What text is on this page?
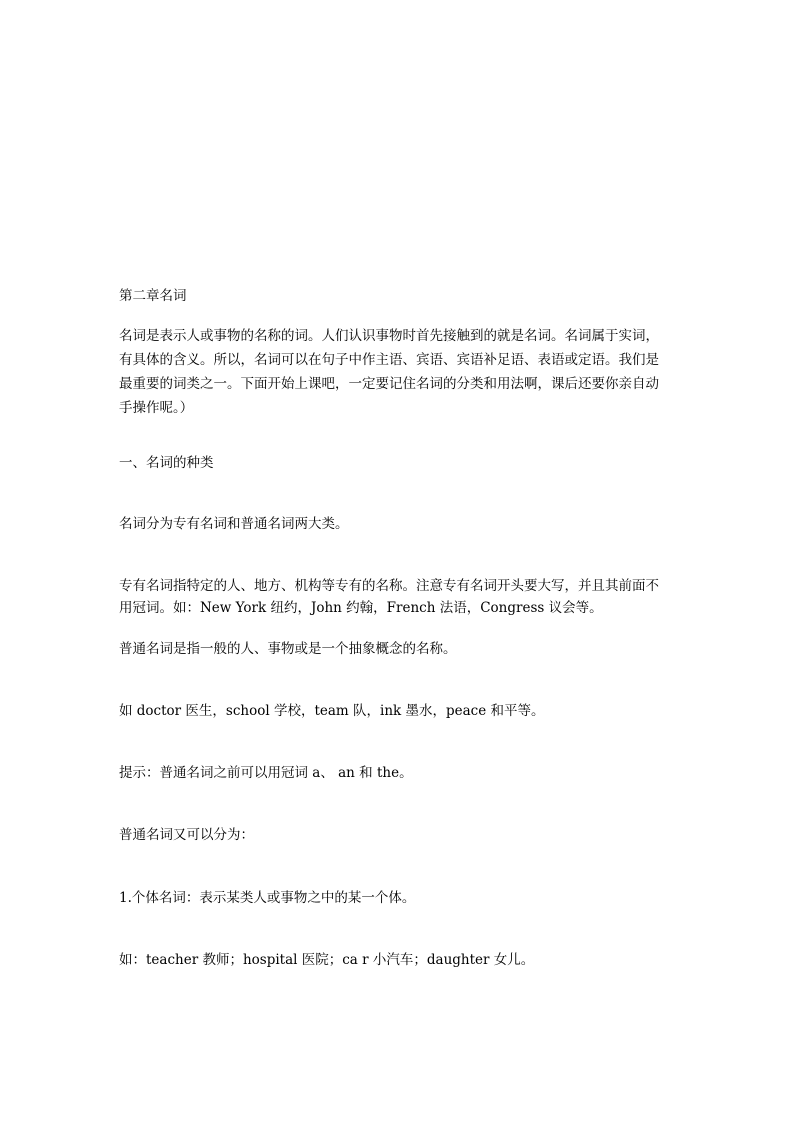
第二章名词
名词是表示人或事物的名称的词。人们认识事物时首先接触到的就是名词。名词属于实词，
有具体的含义。所以，名词可以在句子中作主语、宾语、宾语补足语、表语或定语。我们是
最重要的词类之一。下面开始上课吧，一定要记住名词的分类和用法啊，课后还要你亲自动
手操作呢。）
一、名词的种类
名词分为专有名词和普通名词两大类。
专有名词指特定的人、地方、机构等专有的名称。注意专有名词开头要大写，并且其前面不
用冠词。如：New York 纽约，John 约翰，French 法语，Congress 议会等。
普通名词是指一般的人、事物或是一个抽象概念的名称。
如 doctor 医生，school 学校，team 队，ink 墨水，peace 和平等。
提示：普通名词之前可以用冠词 a、 an 和 the。
普通名词又可以分为：
1.个体名词：表示某类人或事物之中的某一个体。
如：teacher 教师；hospital 医院；ca r 小汽车；daughter 女儿。
